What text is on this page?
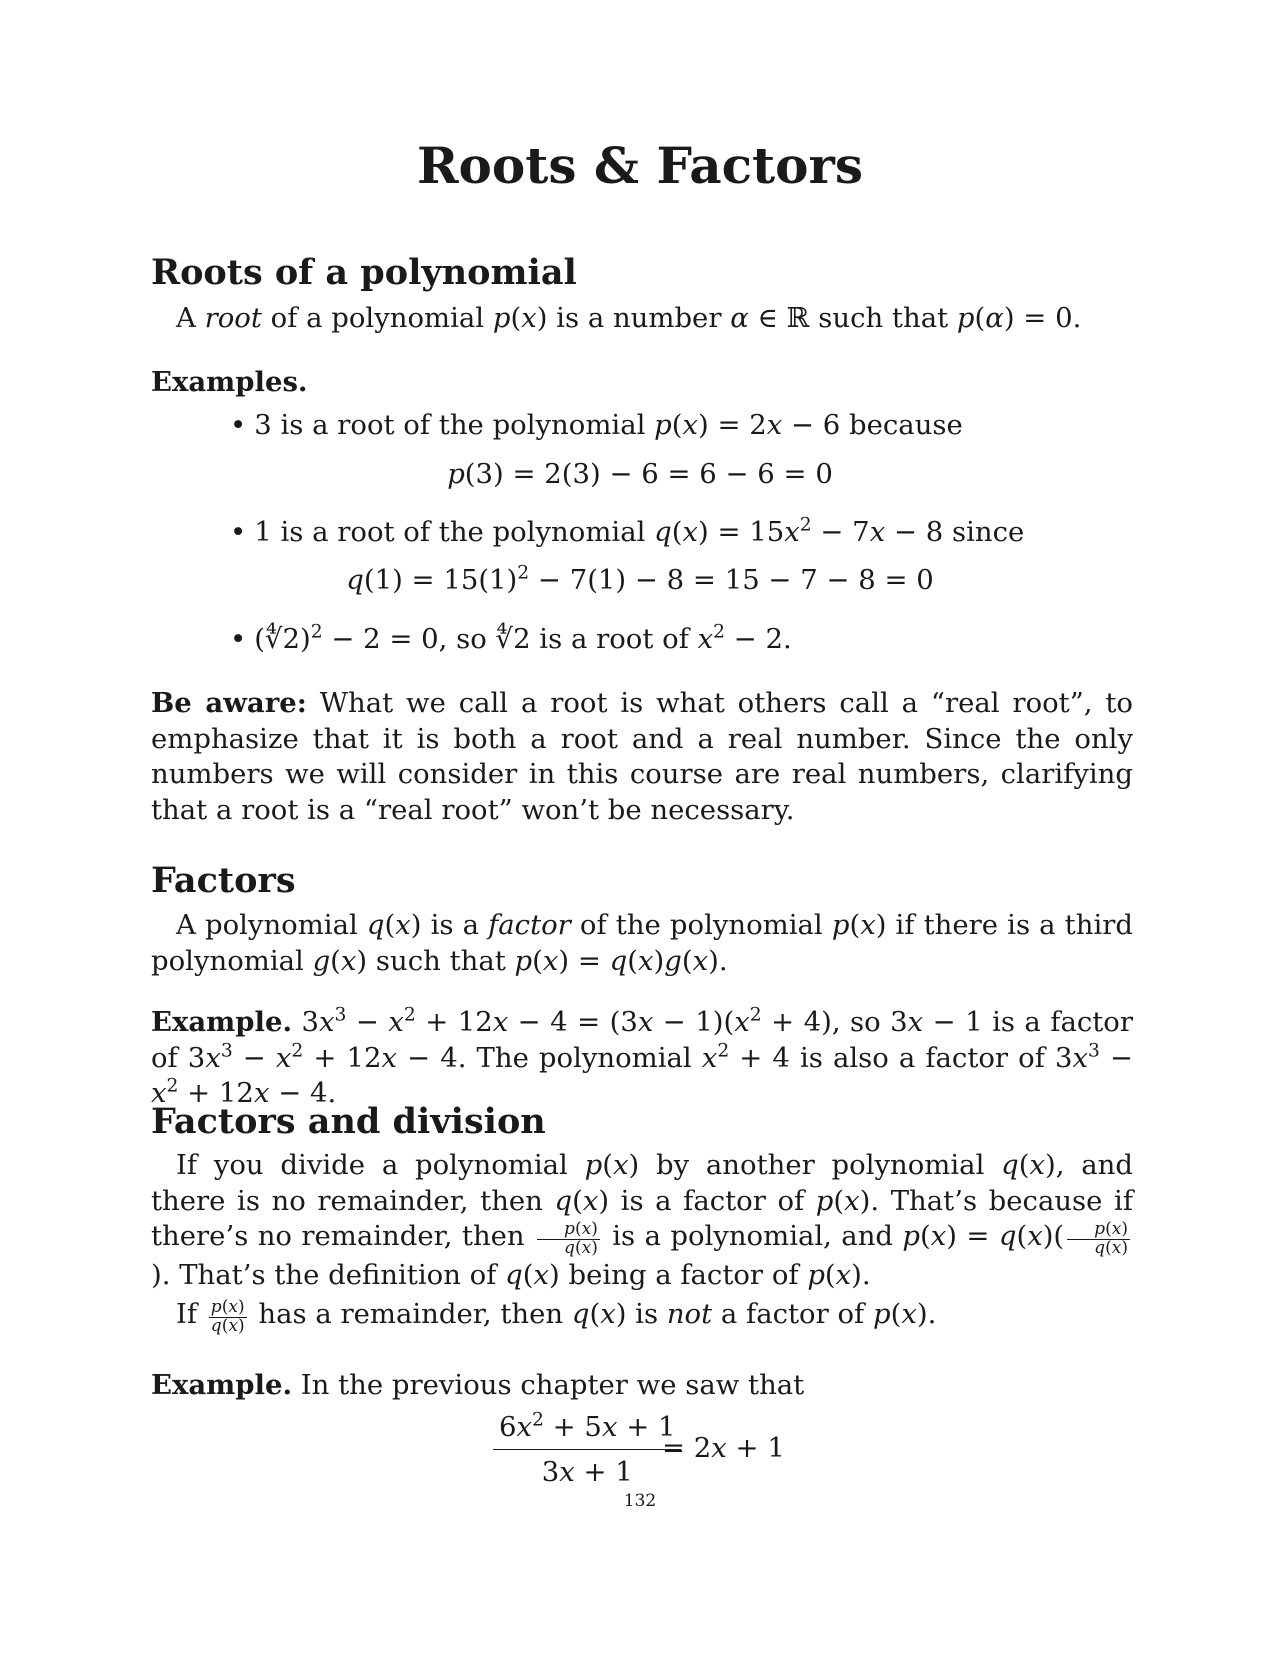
Roots & Factors
Roots of a polynomial
A root of a polynomial p(x) is a number α ∈ ℝ such that p(α) = 0.
Examples.
• 3 is a root of the polynomial p(x) = 2x − 6 because
p(3) = 2(3) − 6 = 6 − 6 = 0
• 1 is a root of the polynomial $q(x) = 15x^2 - 7x - 8$ since
$q(1) = 15(1)^2 - 7(1) - 8 = 15 - 7 - 8 = 0$
• (∜2)$^2$ − 2 = 0, so ∜2 is a root of $x^2 - 2$.
Be aware: What we call a root is what others call a “real root”, to emphasize that it is both a root and a real number. Since the only numbers we will consider in this course are real numbers, clarifying that a root is a “real root” won’t be necessary.
Factors
A polynomial q(x) is a factor of the polynomial p(x) if there is a third polynomial g(x) such that p(x) = q(x)g(x).
Example. $3x^3 - x^2 + 12x - 4 = (3x - 1)(x^2 + 4)$, so 3x − 1 is a factor of $3x^3 - x^2 + 12x - 4$. The polynomial $x^2 + 4$ is also a factor of $3x^3 - x^2 + 12x - 4$.
Factors and division
If you divide a polynomial p(x) by another polynomial q(x), and there is no remainder, then q(x) is a factor of p(x). That’s because if there’s no remainder, then $\frac{p(x)}{q(x)}$ is a polynomial, and $p(x) = q(x)( \frac{p(x)}{q(x)}$
). That’s the definition of q(x) being a factor of p(x).
If $\frac{p(x)}{q(x)}$ has a remainder, then q(x) is not a factor of p(x).
Example. In the previous chapter we saw that
$\frac{6x^2 + 5x + 1}{3x + 1}$
= 2x + 1
132
